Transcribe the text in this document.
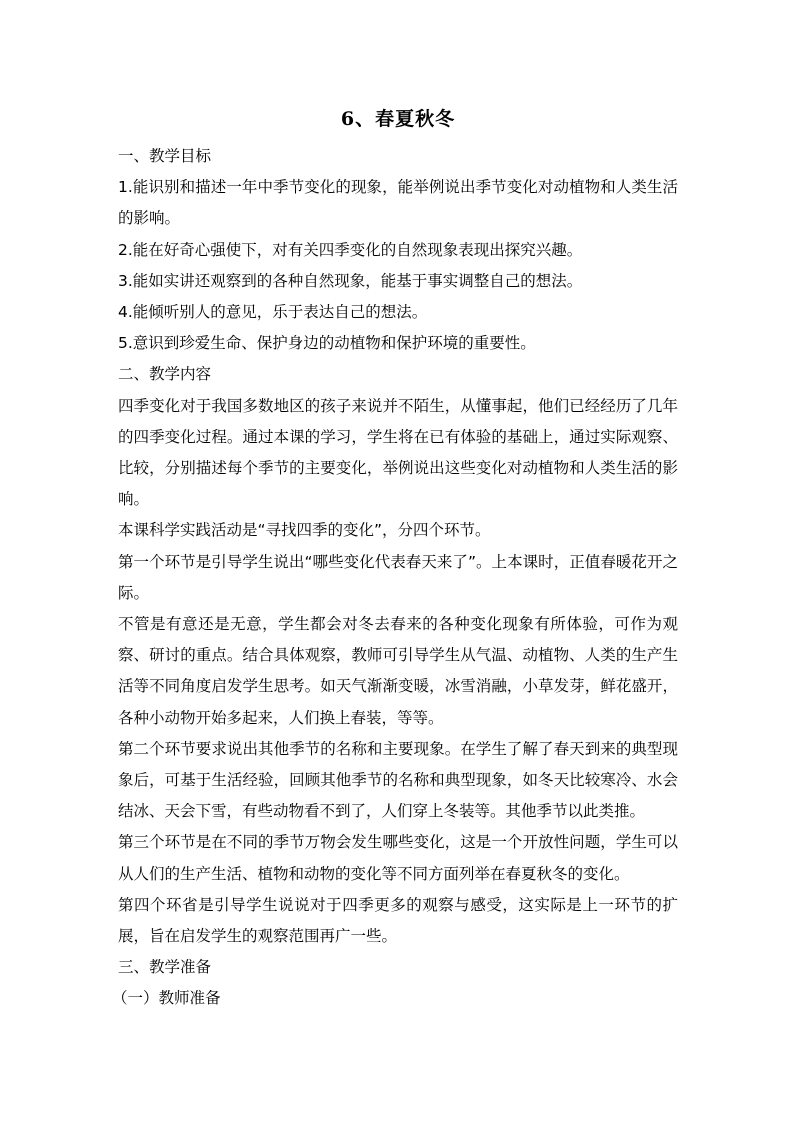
6、春夏秋冬

一、教学目标

1.能识别和描述一年中季节变化的现象，能举例说出季节变化对动植物和人类生活的影响。

2.能在好奇心强使下，对有关四季变化的自然现象表现出探究兴趣。

3.能如实讲还观察到的各种自然现象，能基于事实调整自己的想法。

4.能倾听别人的意见，乐于表达自己的想法。

5.意识到珍爱生命、保护身边的动植物和保护环境的重要性。

二、教学内容

四季变化对于我国多数地区的孩子来说并不陌生，从懂事起，他们已经经历了几年的四季变化过程。通过本课的学习，学生将在已有体验的基础上，通过实际观察、比较，分别描述每个季节的主要变化，举例说出这些变化对动植物和人类生活的影响。

本课科学实践活动是“寻找四季的变化”，分四个环节。

第一个环节是引导学生说出“哪些变化代表春天来了”。上本课时，正值春暖花开之际。

不管是有意还是无意，学生都会对冬去春来的各种变化现象有所体验，可作为观察、研讨的重点。结合具体观察，教师可引导学生从气温、动植物、人类的生产生活等不同角度启发学生思考。如天气渐渐变暖，冰雪消融，小草发芽，鲜花盛开，各种小动物开始多起来，人们换上春装，等等。

第二个环节要求说出其他季节的名称和主要现象。在学生了解了春天到来的典型现象后，可基于生活经验，回顾其他季节的名称和典型现象，如冬天比较寒冷、水会结冰、天会下雪，有些动物看不到了，人们穿上冬装等。其他季节以此类推。

第三个环节是在不同的季节万物会发生哪些变化，这是一个开放性问题，学生可以从人们的生产生活、植物和动物的变化等不同方面列举在春夏秋冬的变化。

第四个环省是引导学生说说对于四季更多的观察与感受，这实际是上一环节的扩展，旨在启发学生的观察范围再广一些。

三、教学准备

（一）教师准备
